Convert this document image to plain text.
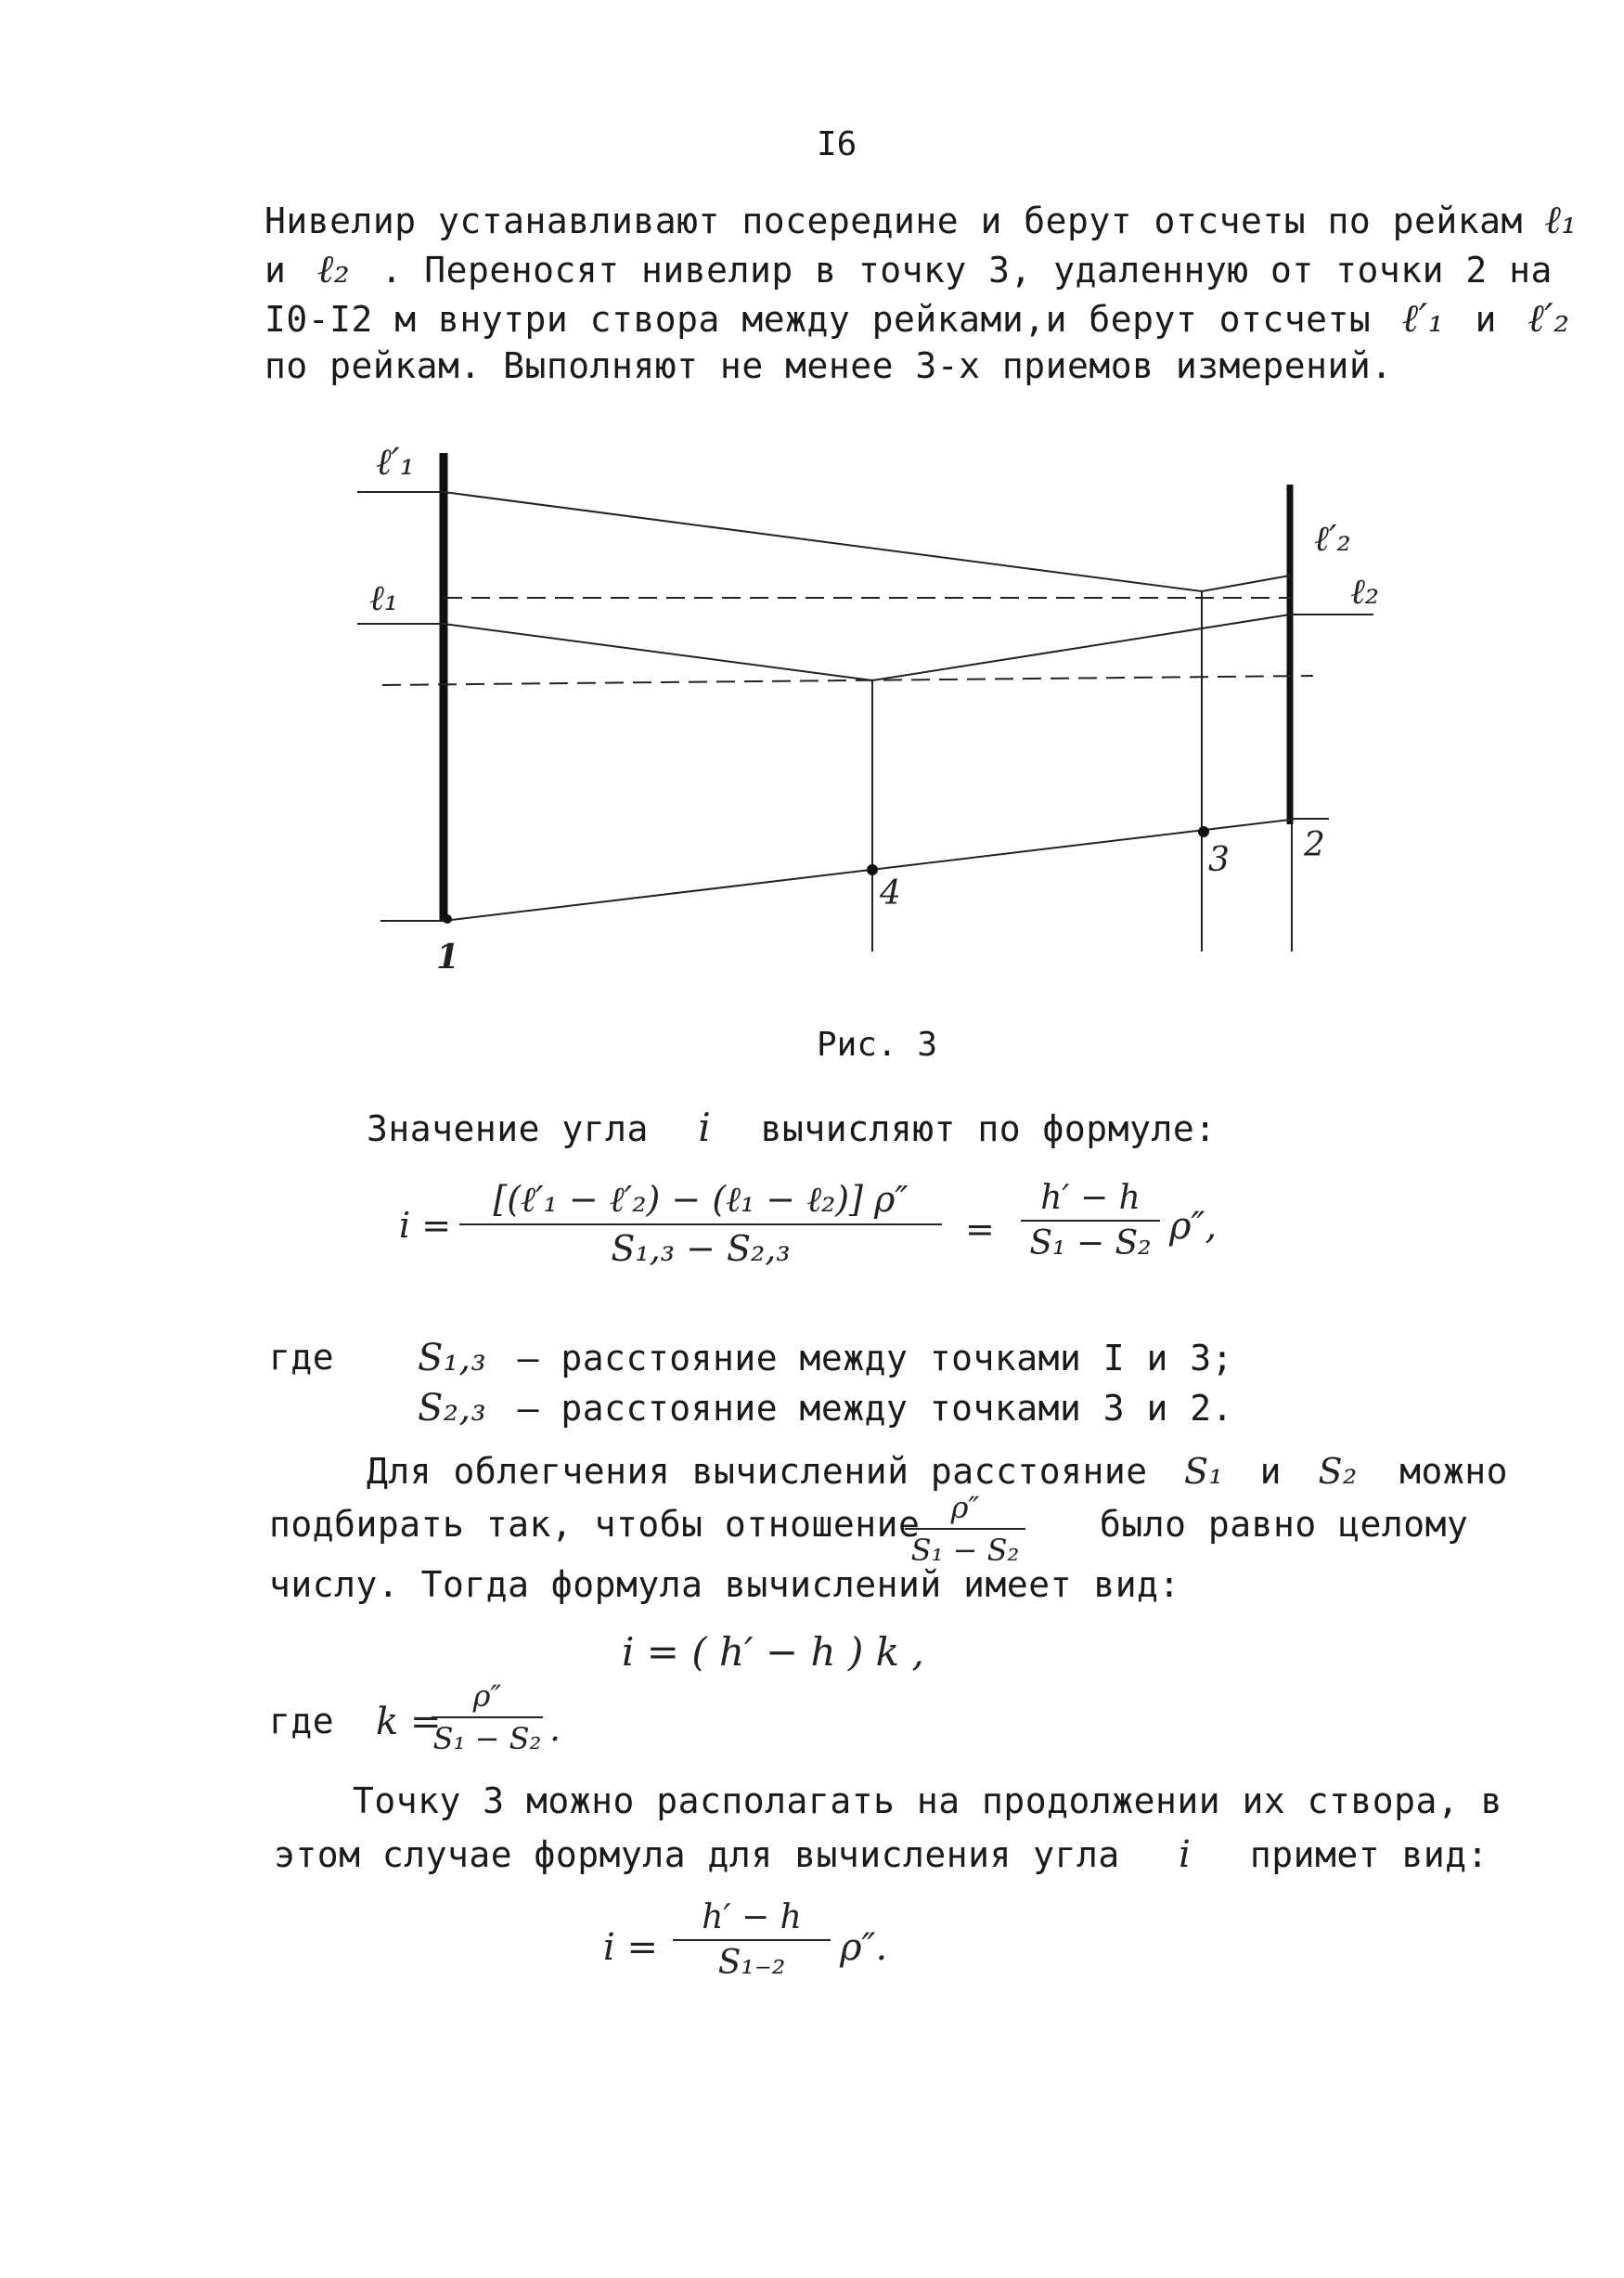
I6
Нивелир устанавливают посередине и берут отсчеты по рейкам ℓ₁
и ℓ₂ . Переносят нивелир в точку 3, удаленную от точки 2 на
I0-I2 м внутри створа между рейками,и берут отсчеты ℓ′₁ и ℓ′₂
по рейкам. Выполняют не менее 3-х приемов измерений.
ℓ′₁
ℓ₁
ℓ′₂
ℓ₂
1
2
3
4
Рис. 3
Значение угла i вычисляют по формуле:
i =
[(ℓ′₁ − ℓ′₂) − (ℓ₁ − ℓ₂)] ρ″
S₁,₃ − S₂,₃	=
h′ − h
S₁ − S₂ ρ″,
где S₁,₃ – расстояние между точками I и 3;
S₂,₃ – расстояние между точками 3 и 2.
Для облегчения вычислений расстояние S₁ и S₂ можно
подбирать так, чтобы отношение	ρ″
S₁ − S₂
было равно целому
числу. Тогда формула вычислений имеет вид:
i = ( h′ − h ) k ,
где k =
ρ″
S₁ − S₂ .
Точку 3 можно располагать на продолжении их створа, в
этом случае формула для вычисления угла i примет вид:
i =
h′ − h
S₁₋₂	ρ″.
